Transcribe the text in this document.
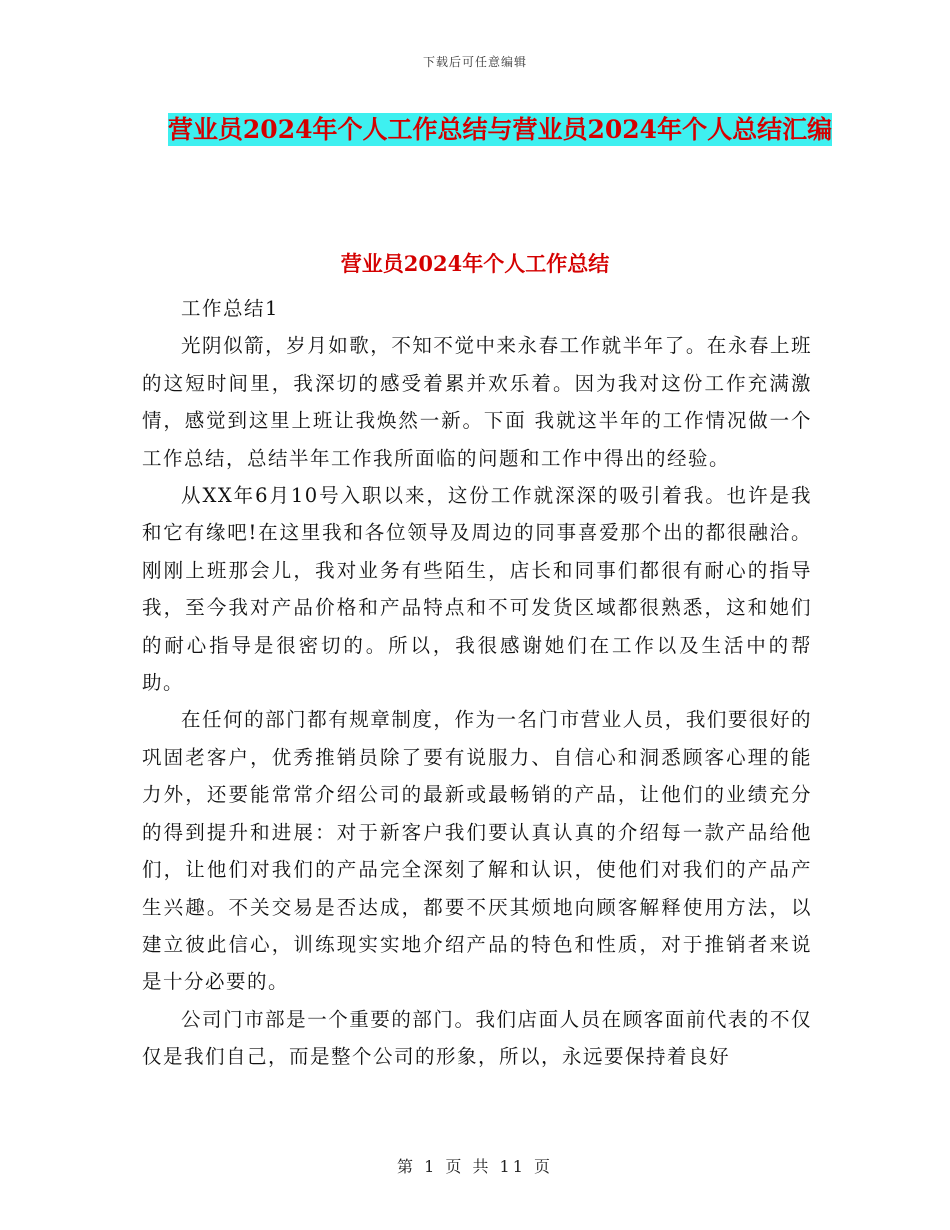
下载后可任意编辑
营业员2024年个人工作总结与营业员2024年个人总结汇编
营业员2024年个人工作总结

工作总结1

光阴似箭，岁月如歌，不知不觉中来永春工作就半年了。在永春上班的这短时间里，我深切的感受着累并欢乐着。因为我对这份工作充满激情，感觉到这里上班让我焕然一新。下面 我就这半年的工作情况做一个工作总结，总结半年工作我所面临的问题和工作中得出的经验。

从XX年6月10号入职以来，这份工作就深深的吸引着我。也许是我和它有缘吧!在这里我和各位领导及周边的同事喜爱那个出的都很融洽。刚刚上班那会儿，我对业务有些陌生，店长和同事们都很有耐心的指导我，至今我对产品价格和产品特点和不可发货区域都很熟悉，这和她们的耐心指导是很密切的。所以，我很感谢她们在工作以及生活中的帮助。

在任何的部门都有规章制度，作为一名门市营业人员，我们要很好的巩固老客户，优秀推销员除了要有说服力、自信心和洞悉顾客心理的能力外，还要能常常介绍公司的最新或最畅销的产品，让他们的业绩充分的得到提升和进展：对于新客户我们要认真认真的介绍每一款产品给他们，让他们对我们的产品完全深刻了解和认识，使他们对我们的产品产生兴趣。不关交易是否达成，都要不厌其烦地向顾客解释使用方法，以建立彼此信心，训练现实实地介绍产品的特色和性质，对于推销者来说是十分必要的。

公司门市部是一个重要的部门。我们店面人员在顾客面前代表的不仅仅是我们自己，而是整个公司的形象，所以，永远要保持着良好

第 1 页 共 11 页
